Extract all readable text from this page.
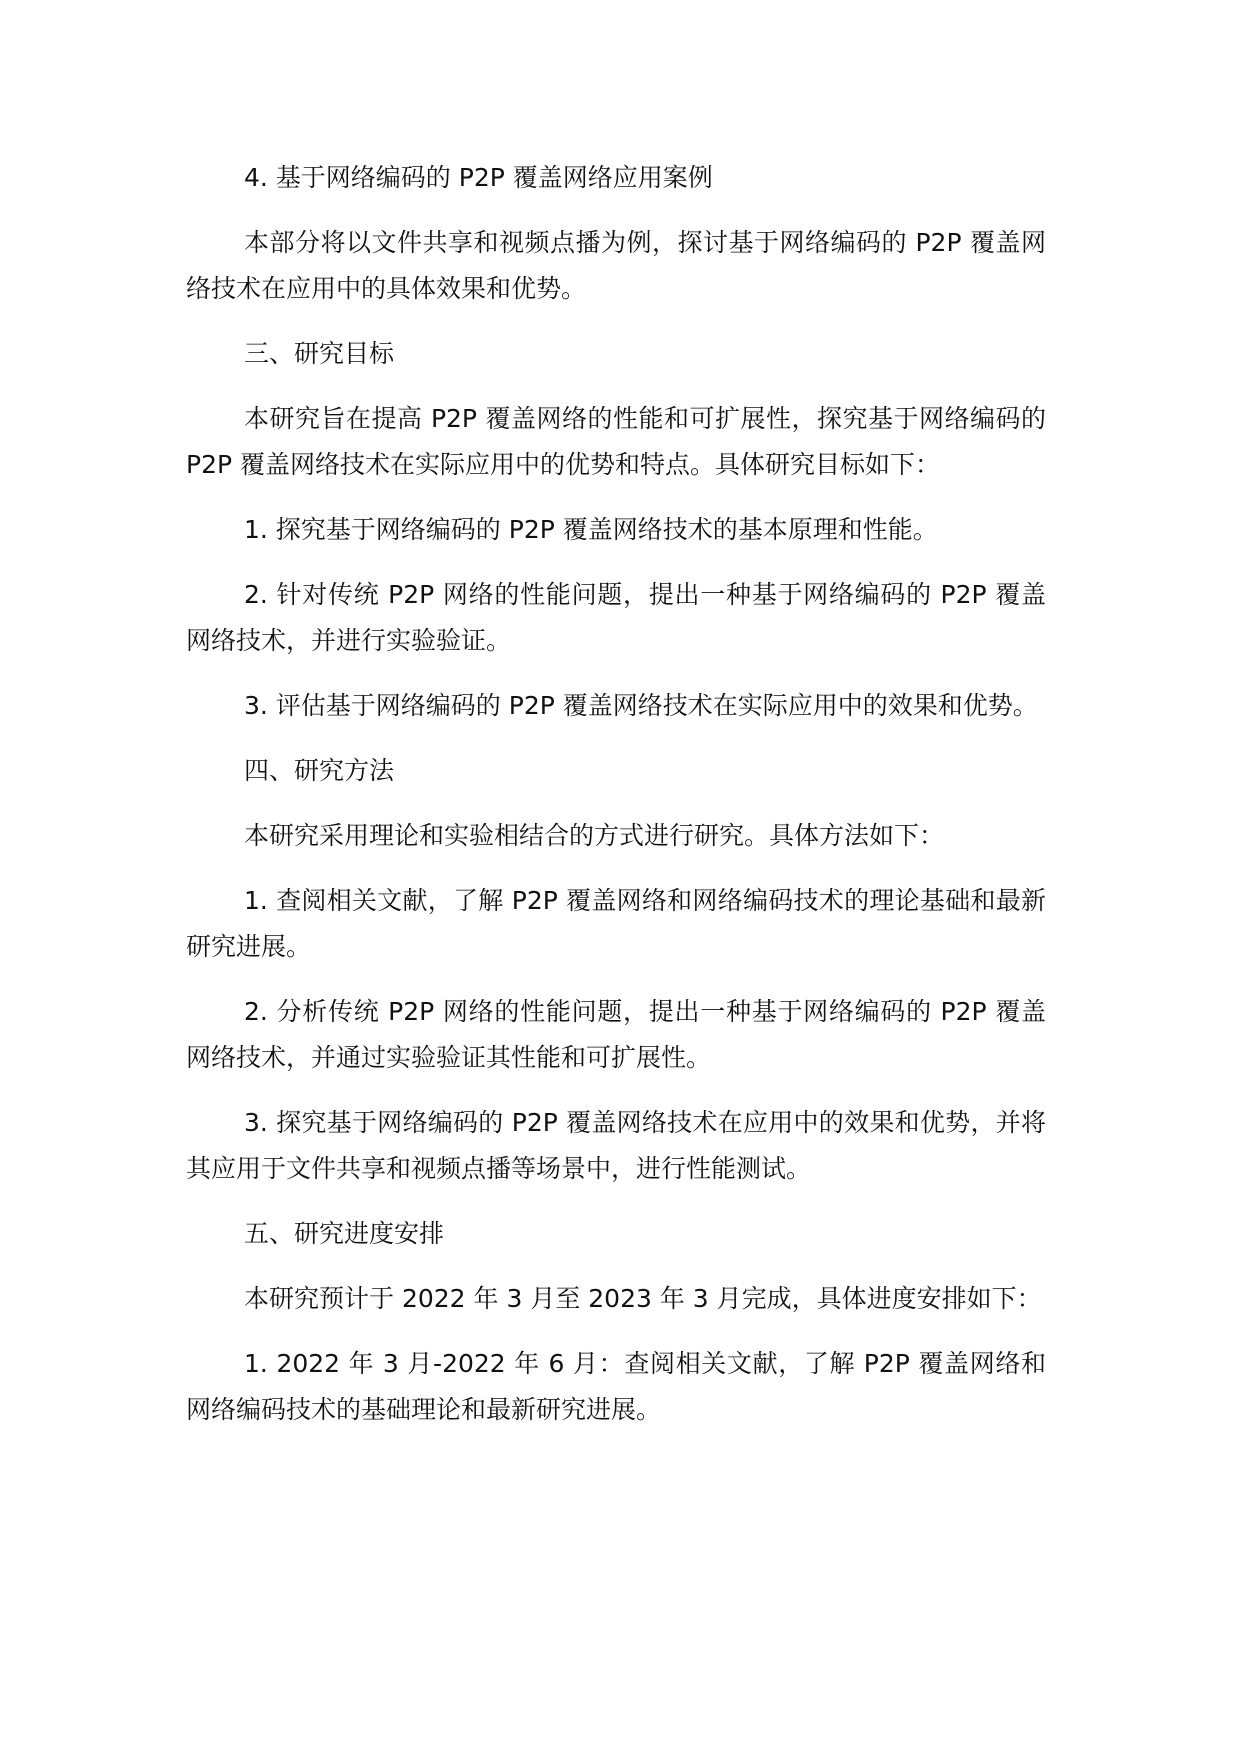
4. 基于网络编码的 P2P 覆盖网络应用案例

本部分将以文件共享和视频点播为例，探讨基于网络编码的 P2P 覆盖网络技术在应用中的具体效果和优势。

三、研究目标

本研究旨在提高 P2P 覆盖网络的性能和可扩展性，探究基于网络编码的 P2P 覆盖网络技术在实际应用中的优势和特点。具体研究目标如下：

1. 探究基于网络编码的 P2P 覆盖网络技术的基本原理和性能。

2. 针对传统 P2P 网络的性能问题，提出一种基于网络编码的 P2P 覆盖网络技术，并进行实验验证。

3. 评估基于网络编码的 P2P 覆盖网络技术在实际应用中的效果和优势。

四、研究方法

本研究采用理论和实验相结合的方式进行研究。具体方法如下：

1. 查阅相关文献，了解 P2P 覆盖网络和网络编码技术的理论基础和最新研究进展。

2. 分析传统 P2P 网络的性能问题，提出一种基于网络编码的 P2P 覆盖网络技术，并通过实验验证其性能和可扩展性。

3. 探究基于网络编码的 P2P 覆盖网络技术在应用中的效果和优势，并将其应用于文件共享和视频点播等场景中，进行性能测试。

五、研究进度安排

本研究预计于 2022 年 3 月至 2023 年 3 月完成，具体进度安排如下：

1. 2022 年 3 月-2022 年 6 月：查阅相关文献，了解 P2P 覆盖网络和网络编码技术的基础理论和最新研究进展。
